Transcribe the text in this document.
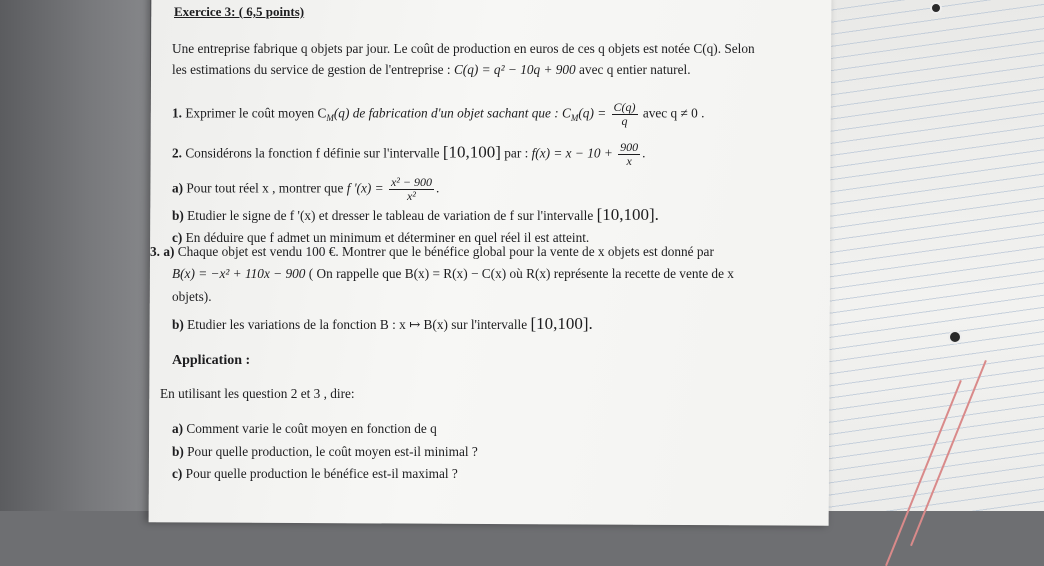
Exercice 3: ( 6,5 points)
Une entreprise fabrique q objets par jour. Le coût de production en euros de ces q objets est notée C(q). Selon
les estimations du service de gestion de l'entreprise : C(q) = q² − 10q + 900 avec q entier naturel.
1. Exprimer le coût moyen $C_M(q)$ de fabrication d'un objet sachant que : $C_M(q) = \frac{C(q)}{q}$ avec q ≠ 0 .
2. Considérons la fonction f définie sur l'intervalle [10,100] par : $f(x) = x - 10 + \frac{900}{x}$ .
a) Pour tout réel x , montrer que f '$(x) = \frac{\text{x² − 900}}{\text{x²}}$ .
b) Etudier le signe de f '(x) et dresser le tableau de variation de f sur l'intervalle [10,100].
c) En déduire que f admet un minimum et déterminer en quel réel il est atteint.
3. a) Chaque objet est vendu 100 €. Montrer que le bénéfice global pour la vente de x objets est donné par
B(x) = −x² + 110x − 900 ( On rappelle que B(x) = R(x) − C(x) où R(x) représente la recette de vente de x
objets).
b) Etudier les variations de la fonction B : x ↦ B(x) sur l'intervalle [10,100].
Application :
En utilisant les question 2 et 3 , dire:
a) Comment varie le coût moyen en fonction de q
b) Pour quelle production, le coût moyen est-il minimal ?
c) Pour quelle production le bénéfice est-il maximal ?
